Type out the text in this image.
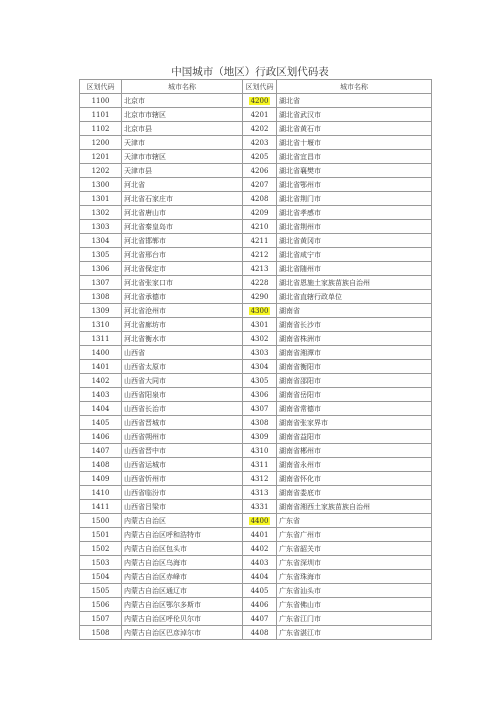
中国城市（地区）行政区划代码表
区划代码	城市名称	区划代码	城市名称
1100	北京市	4200	湖北省
1101	北京市市辖区	4201	湖北省武汉市
1102	北京市县	4202	湖北省黄石市
1200	天津市	4203	湖北省十堰市
1201	天津市市辖区	4205	湖北省宜昌市
1202	天津市县	4206	湖北省襄樊市
1300	河北省	4207	湖北省鄂州市
1301	河北省石家庄市	4208	湖北省荆门市
1302	河北省唐山市	4209	湖北省孝感市
1303	河北省秦皇岛市	4210	湖北省荆州市
1304	河北省邯郸市	4211	湖北省黄冈市
1305	河北省邢台市	4212	湖北省咸宁市
1306	河北省保定市	4213	湖北省随州市
1307	河北省张家口市	4228	湖北省恩施土家族苗族自治州
1308	河北省承德市	4290	湖北省直辖行政单位
1309	河北省沧州市	4300	湖南省
1310	河北省廊坊市	4301	湖南省长沙市
1311	河北省衡水市	4302	湖南省株洲市
1400	山西省	4303	湖南省湘潭市
1401	山西省太原市	4304	湖南省衡阳市
1402	山西省大同市	4305	湖南省邵阳市
1403	山西省阳泉市	4306	湖南省岳阳市
1404	山西省长治市	4307	湖南省常德市
1405	山西省晋城市	4308	湖南省张家界市
1406	山西省朔州市	4309	湖南省益阳市
1407	山西省晋中市	4310	湖南省郴州市
1408	山西省运城市	4311	湖南省永州市
1409	山西省忻州市	4312	湖南省怀化市
1410	山西省临汾市	4313	湖南省娄底市
1411	山西省吕梁市	4331	湖南省湘西土家族苗族自治州
1500	内蒙古自治区	4400	广东省
1501	内蒙古自治区呼和浩特市	4401	广东省广州市
1502	内蒙古自治区包头市	4402	广东省韶关市
1503	内蒙古自治区乌海市	4403	广东省深圳市
1504	内蒙古自治区赤峰市	4404	广东省珠海市
1505	内蒙古自治区通辽市	4405	广东省汕头市
1506	内蒙古自治区鄂尔多斯市	4406	广东省佛山市
1507	内蒙古自治区呼伦贝尔市	4407	广东省江门市
1508	内蒙古自治区巴彦淖尔市	4408	广东省湛江市
